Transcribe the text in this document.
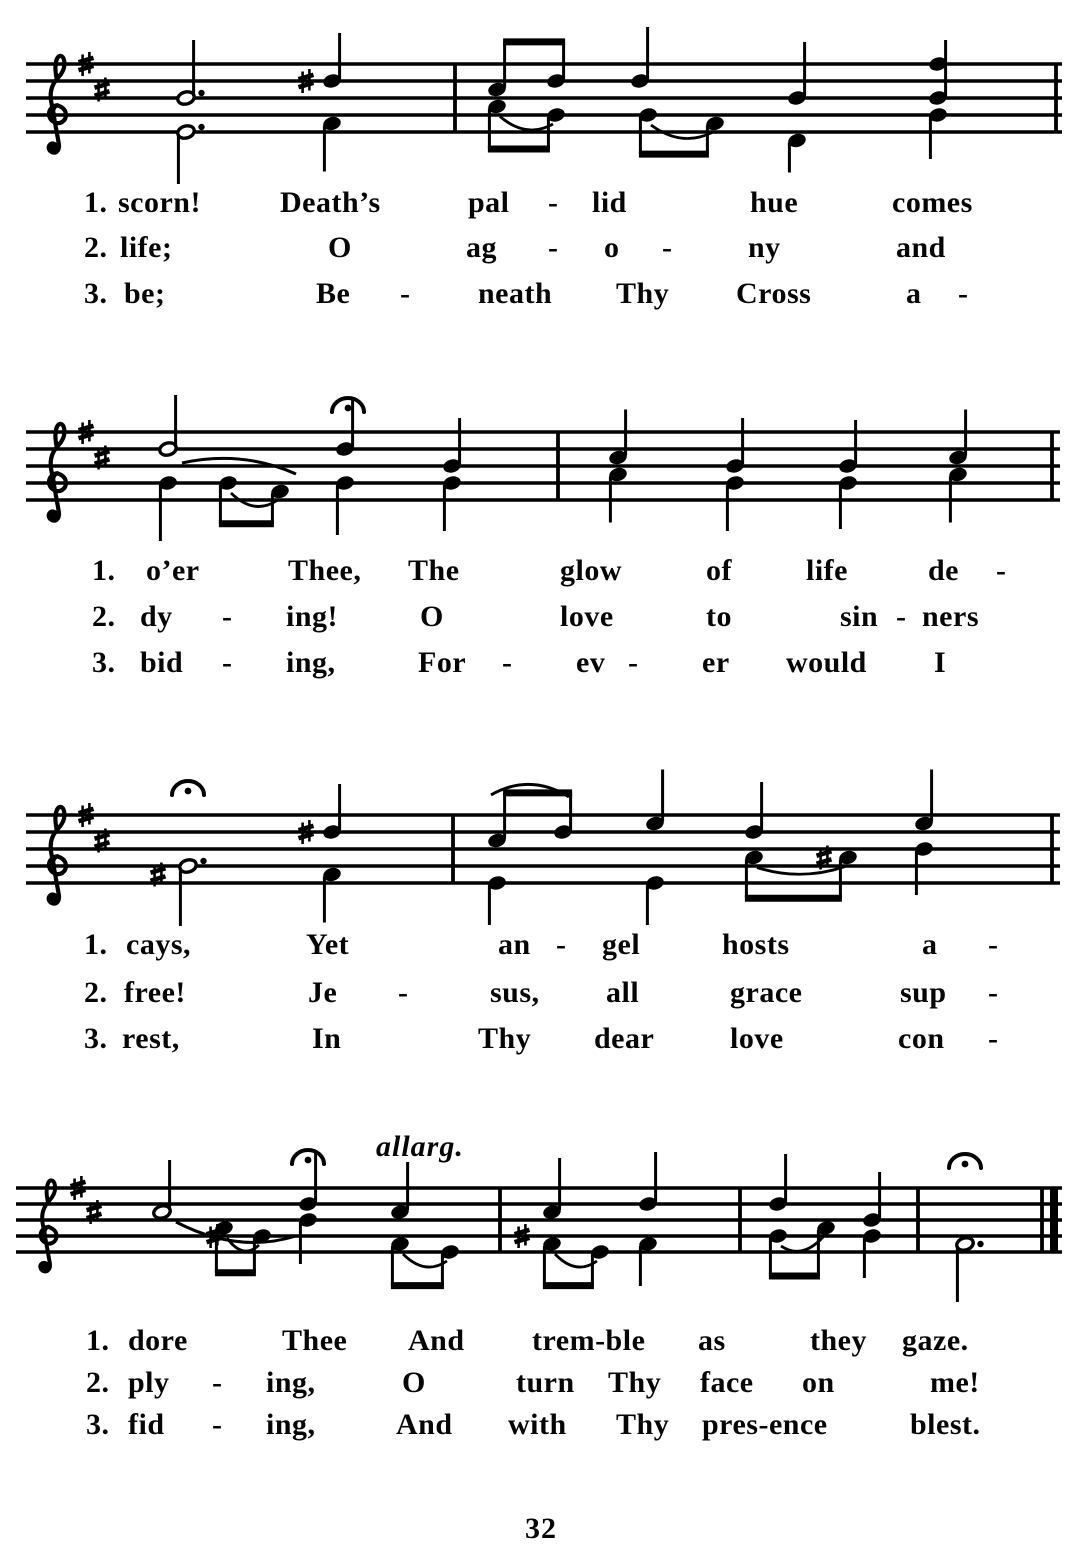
1. scorn!	Death’s	pal - lid	hue	comes
2. life;	O	ag - o -	ny	and
3. be;	Be - neath Thy Cross	a -
1. o’er	Thee, The	glow	of life	de -
2. dy - ing!	O	love	to	sin - ners
3. bid - ing,	For - ev - er would I
1. cays,	Yet	an - gel	hosts	a -
2. free!	Je -	sus, all	grace	sup -
3. rest,	In	Thy dear	love	con -
1. dore	Thee And trem-ble as	they gaze.
2. ply - ing,	O	turn Thy face on	me!
3. fid - ing,	And with Thy pres-ence	blest.
allarg.
32
